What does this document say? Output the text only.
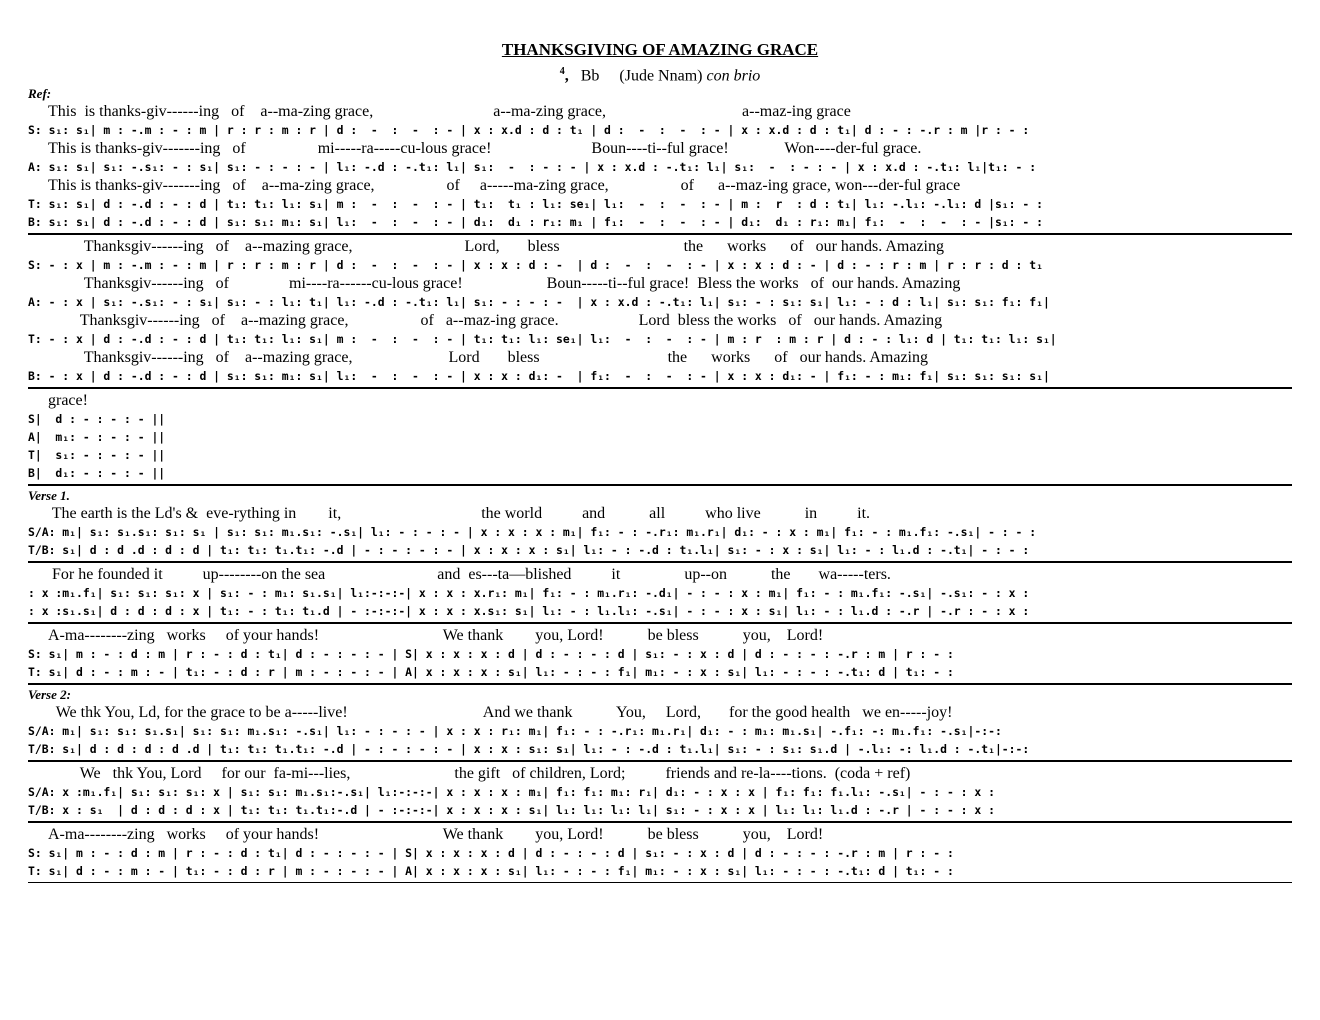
THANKSGIVING OF AMAZING GRACE
$^4$, Bb (Jude Nnam) con brio
Ref:
This  is thanks-giv------ing   of    a--ma-zing grace,                              a--ma-zing grace,                                  a--maz-ing grace
S: s₁: s₁| m : -.m : - : m | r : r : m : r | d :  -  :  -  : - | x : x.d : d : t₁ | d :  -  :  -  : - | x : x.d : d : t₁| d : - : -.r : m |r : - :
This is thanks-giv-------ing   of                  mi-----ra-----cu-lous grace!                         Boun----ti--ful grace!              Won----der-ful grace.
A: s₁: s₁| s₁: -.s₁: - : s₁| s₁: - : - : - | l₁: -.d : -.t₁: l₁| s₁:  -  : - : - | x : x.d : -.t₁: l₁| s₁:  -  : - : - | x : x.d : -.t₁: l₁|t₁: - :
This is thanks-giv-------ing   of    a--ma-zing grace,                  of     a-----ma-zing grace,                  of      a--maz-ing grace, won---der-ful grace
T: s₁: s₁| d : -.d : - : d | t₁: t₁: l₁: s₁| m :  -  :  -  : - | t₁:  t₁ : l₁: se₁| l₁:  -  :  -  : - | m :  r  : d : t₁| l₁: -.l₁: -.l₁: d |s₁: - :
B: s₁: s₁| d : -.d : - : d | s₁: s₁: m₁: s₁| l₁:  -  :  -  : - | d₁:  d₁ : r₁: m₁ | f₁:  -  :  -  : - | d₁:  d₁ : r₁: m₁| f₁:  -  :  -  : - |s₁: - :
Thanksgiv------ing   of    a--mazing grace,                            Lord,       bless                               the      works      of   our hands. Amazing
S: - : x | m : -.m : - : m | r : r : m : r | d :  -  :  -  : - | x : x : d : -  | d :  -  :  -  : - | x : x : d : - | d : - : r : m | r : r : d : t₁
Thanksgiv------ing   of               mi----ra------cu-lous grace!                     Boun-----ti--ful grace!  Bless the works   of  our hands. Amazing
A: - : x | s₁: -.s₁: - : s₁| s₁: - : l₁: t₁| l₁: -.d : -.t₁: l₁| s₁: - : - : -  | x : x.d : -.t₁: l₁| s₁: - : s₁: s₁| l₁: - : d : l₁| s₁: s₁: f₁: f₁|
Thanksgiv------ing   of    a--mazing grace,                  of   a--maz-ing grace.                    Lord  bless the works   of   our hands. Amazing
T: - : x | d : -.d : - : d | t₁: t₁: l₁: s₁| m :  -  :  -  : - | t₁: t₁: l₁: se₁| l₁:  -  :  -  : - | m : r  : m : r | d : - : l₁: d | t₁: t₁: l₁: s₁|
Thanksgiv------ing   of    a--mazing grace,                        Lord       bless                                the      works      of   our hands. Amazing
B: - : x | d : -.d : - : d | s₁: s₁: m₁: s₁| l₁:  -  :  -  : - | x : x : d₁: -  | f₁:  -  :  -  : - | x : x : d₁: - | f₁: - : m₁: f₁| s₁: s₁: s₁: s₁|
grace!
S|  d : - : - : - ||
A|  m₁: - : - : - ||
T|  s₁: - : - : - ||
B|  d₁: - : - : - ||
Verse 1.
The earth is the Ld's &  eve-rything in        it,                                   the world          and           all          who live           in          it.
S/A: m₁| s₁: s₁.s₁: s₁: s₁ | s₁: s₁: m₁.s₁: -.s₁| l₁: - : - : - | x : x : x : m₁| f₁: - : -.r₁: m₁.r₁| d₁: - : x : m₁| f₁: - : m₁.f₁: -.s₁| - : - :
T/B: s₁| d : d .d : d : d | t₁: t₁: t₁.t₁: -.d | - : - : - : - | x : x : x : s₁| l₁: - : -.d : t₁.l₁| s₁: - : x : s₁| l₁: - : l₁.d : -.t₁| - : - :
For he founded it          up--------on the sea                            and  es---ta—blished          it                up--on           the       wa-----ters.
: x :m₁.f₁| s₁: s₁: s₁: x | s₁: - : m₁: s₁.s₁| l₁:-:-:-| x : x : x.r₁: m₁| f₁: - : m₁.r₁: -.d₁| - : - : x : m₁| f₁: - : m₁.f₁: -.s₁| -.s₁: - : x :
: x :s₁.s₁| d : d : d : x | t₁: - : t₁: t₁.d | - :-:-:-| x : x : x.s₁: s₁| l₁: - : l₁.l₁: -.s₁| - : - : x : s₁| l₁: - : l₁.d : -.r | -.r : - : x :
A-ma--------zing   works     of your hands!                               We thank        you, Lord!           be bless           you,    Lord!
S: s₁| m : - : d : m | r : - : d : t₁| d : - : - : - | S| x : x : x : d | d : - : - : d | s₁: - : x : d | d : - : - : -.r : m | r : - :
T: s₁| d : - : m : - | t₁: - : d : r | m : - : - : - | A| x : x : x : s₁| l₁: - : - : f₁| m₁: - : x : s₁| l₁: - : - : -.t₁: d | t₁: - :
Verse 2:
We thk You, Ld, for the grace to be a-----live!                                  And we thank           You,     Lord,       for the good health   we en-----joy!
S/A: m₁| s₁: s₁: s₁.s₁| s₁: s₁: m₁.s₁: -.s₁| l₁: - : - : - | x : x : r₁: m₁| f₁: - : -.r₁: m₁.r₁| d₁: - : m₁: m₁.s₁| -.f₁: -: m₁.f₁: -.s₁|-:-:
T/B: s₁| d : d : d : d .d | t₁: t₁: t₁.t₁: -.d | - : - : - : - | x : x : s₁: s₁| l₁: - : -.d : t₁.l₁| s₁: - : s₁: s₁.d | -.l₁: -: l₁.d : -.t₁|-:-:
We   thk You, Lord     for our  fa-mi---lies,                          the gift   of children, Lord;          friends and re-la----tions.  (coda + ref)
S/A: x :m₁.f₁| s₁: s₁: s₁: x | s₁: s₁: m₁.s₁:-.s₁| l₁:-:-:-| x : x : x : m₁| f₁: f₁: m₁: r₁| d₁: - : x : x | f₁: f₁: f₁.l₁: -.s₁| - : - : x :
T/B: x : s₁  | d : d : d : x | t₁: t₁: t₁.t₁:-.d | - :-:-:-| x : x : x : s₁| l₁: l₁: l₁: l₁| s₁: - : x : x | l₁: l₁: l₁.d : -.r | - : - : x :
A-ma--------zing   works     of your hands!                               We thank        you, Lord!           be bless           you,    Lord!
S: s₁| m : - : d : m | r : - : d : t₁| d : - : - : - | S| x : x : x : d | d : - : - : d | s₁: - : x : d | d : - : - : -.r : m | r : - :
T: s₁| d : - : m : - | t₁: - : d : r | m : - : - : - | A| x : x : x : s₁| l₁: - : - : f₁| m₁: - : x : s₁| l₁: - : - : -.t₁: d | t₁: - :
